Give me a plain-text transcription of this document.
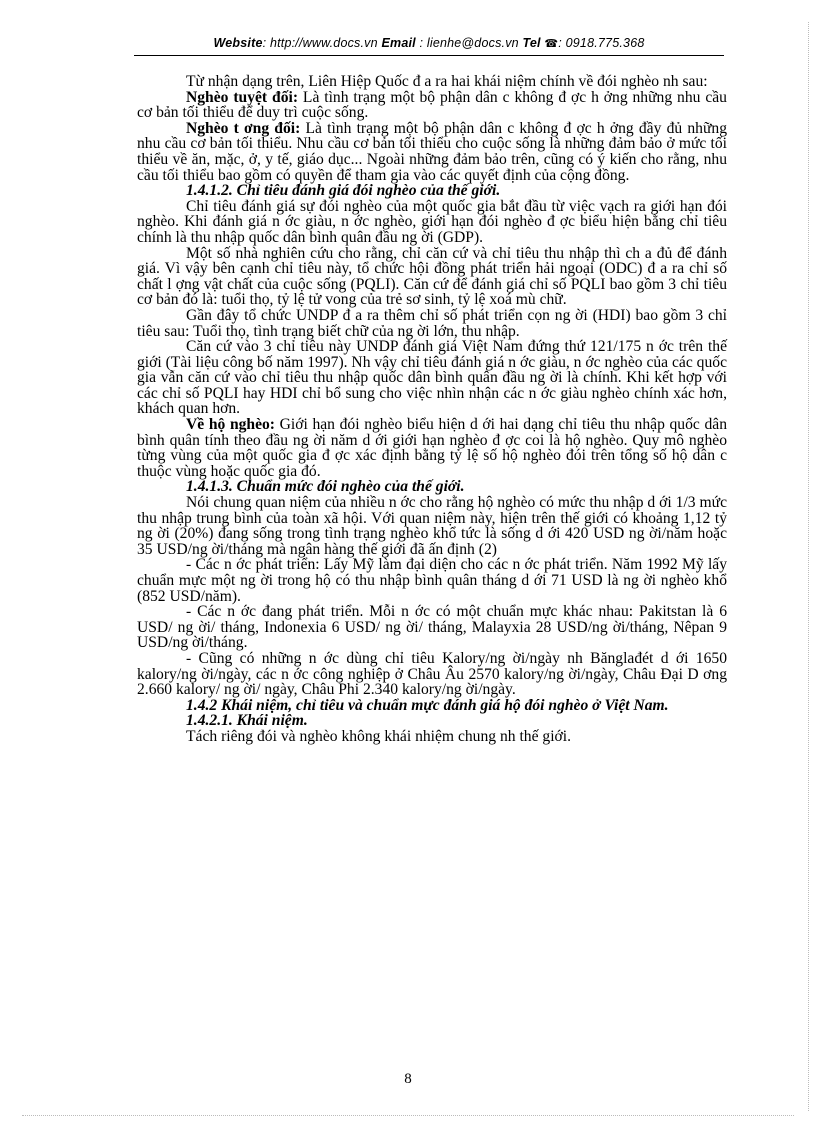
Website: http://www.docs.vn Email : lienhe@docs.vn Tel ☎: 0918.775.368

Từ nhận dạng trên, Liên Hiệp Quốc đ a ra hai khái niệm chính về đói nghèo nh sau:

Nghèo tuyệt đối: Là tình trạng một bộ phận dân c không đ ợc h ởng những nhu cầu cơ bản tối thiểu để duy trì cuộc sống.

Nghèo t ơng đối: Là tình trạng một bộ phận dân c không đ ợc h ởng đầy đủ những nhu cầu cơ bản tối thiểu. Nhu cầu cơ bản tối thiểu cho cuộc sống là những đảm bảo ở mức tối thiểu về ăn, mặc, ở, y tế, giáo dục... Ngoài những đảm bảo trên, cũng có ý kiến cho rằng, nhu cầu tối thiểu bao gồm có quyền để tham gia vào các quyết định của cộng đồng.

1.4.1.2. Chỉ tiêu đánh giá đói nghèo của thế giới.

Chỉ tiêu đánh giá sự đói nghèo của một quốc gia bắt đầu từ việc vạch ra giới hạn đói nghèo. Khi đánh giá n ớc giàu, n ớc nghèo, giới hạn đói nghèo đ ợc biểu hiện bằng chỉ tiêu chính là thu nhập quốc dân bình quân đầu ng ời (GDP).

Một số nhà nghiên cứu cho rằng, chỉ căn cứ và chỉ tiêu thu nhập thì ch a đủ để đánh giá. Vì vậy bên cạnh chỉ tiêu này, tổ chức hội đồng phát triển hải ngoại (ODC) đ a ra chỉ số chất l ợng vật chất của cuộc sống (PQLI). Căn cứ để đánh giá chỉ số PQLI bao gồm 3 chỉ tiêu cơ bản đó là: tuổi thọ, tỷ lệ tử vong của trẻ sơ sinh, tỷ lệ xoá mù chữ.

Gần đây tổ chức UNDP đ a ra thêm chỉ số phát triển cọn ng ời (HDI) bao gồm 3 chỉ tiêu sau: Tuổi thọ, tình trạng biết chữ của ng ời lớn, thu nhập.

Căn cứ vào 3 chỉ tiêu này UNDP đánh giá Việt Nam đứng thứ 121/175 n ớc trên thế giới (Tài liệu công bố năm 1997). Nh vậy chỉ tiêu đánh giá n ớc giàu, n ớc nghèo của các quốc gia vẫn căn cứ vào chỉ tiêu thu nhập quốc dân bình quân đầu ng ời là chính. Khi kết hợp với các chỉ số PQLI hay HDI chỉ bổ sung cho việc nhìn nhận các n ớc giàu nghèo chính xác hơn, khách quan hơn.

Về hộ nghèo: Giới hạn đói nghèo biểu hiện d ới hai dạng chỉ tiêu thu nhập quốc dân bình quân tính theo đầu ng ời năm d ới giới hạn nghèo đ ợc coi là hộ nghèo. Quy mô nghèo từng vùng của một quốc gia đ ợc xác định bằng tỷ lệ số hộ nghèo đói trên tổng số hộ dân c thuộc vùng hoặc quốc gia đó.

1.4.1.3. Chuẩn mức đói nghèo của thế giới.

Nói chung quan niệm của nhiều n ớc cho rằng hộ nghèo có mức thu nhập d ới 1/3 mức thu nhập trung bình của toàn xã hội. Với quan niệm này, hiện trên thế giới có khoảng 1,12 tỷ ng ời (20%) đang sống trong tình trạng nghèo khổ tức là sống d ới 420 USD ng ời/năm hoặc 35 USD/ng ời/tháng mà ngân hàng thế giới đã ấn định (2)

- Các n ớc phát triển: Lấy Mỹ làm đại diện cho các n ớc phát triển. Năm 1992 Mỹ lấy chuẩn mực một ng ời trong hộ có thu nhập bình quân tháng d ới 71 USD là ng ời nghèo khổ (852 USD/năm).

- Các n ớc đang phát triển. Mỗi n ớc có một chuẩn mực khác nhau: Pakitstan là 6 USD/ ng ời/ tháng, Indonexia 6 USD/ ng ời/ tháng, Malayxia 28 USD/ng ời/tháng, Nêpan 9 USD/ng ời/tháng.

- Cũng có những n ớc dùng chỉ tiêu Kalory/ng ời/ngày nh Bănglađét d ới 1650 kalory/ng ời/ngày, các n ớc công nghiệp ở Châu Âu 2570 kalory/ng ời/ngày, Châu Đại D ơng 2.660 kalory/ ng ời/ ngày, Châu Phi 2.340 kalory/ng ời/ngày.

1.4.2 Khái niệm, chỉ tiêu và chuẩn mực đánh giá hộ đói nghèo ở Việt Nam.

1.4.2.1. Khái niệm.

Tách riêng đói và nghèo không khái nhiệm chung nh thế giới.

8
